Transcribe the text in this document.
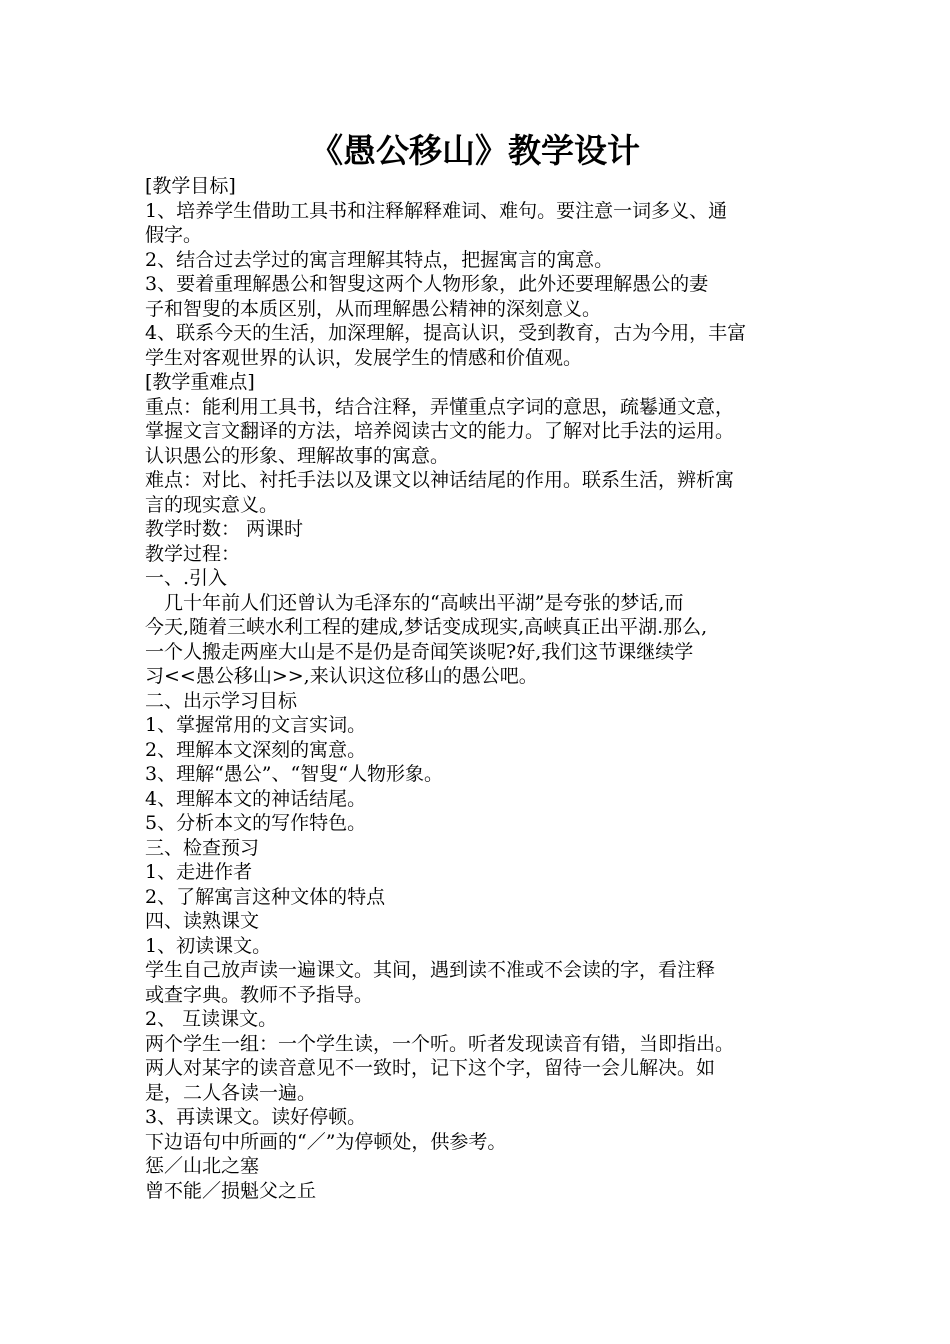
《愚公移山》教学设计
[教学目标]
1、培养学生借助工具书和注释解释难词、难句。要注意一词多义、通
假字。
2、结合过去学过的寓言理解其特点，把握寓言的寓意。
3、要着重理解愚公和智叟这两个人物形象，此外还要理解愚公的妻
子和智叟的本质区别，从而理解愚公精神的深刻意义。
4、联系今天的生活，加深理解，提高认识，受到教育，古为今用，丰富
学生对客观世界的认识，发展学生的情感和价值观。
[教学重难点]
重点：能利用工具书，结合注释，弄懂重点字词的意思，疏鬈通文意，
掌握文言文翻译的方法，培养阅读古文的能力。了解对比手法的运用。
认识愚公的形象、理解故事的寓意。
难点：对比、衬托手法以及课文以神话结尾的作用。联系生活，辨析寓
言的现实意义。
教学时数： 两课时
教学过程：
一、.引入
几十年前人们还曾认为毛泽东的“高峡出平湖”是夸张的梦话,而
今天,随着三峡水利工程的建成,梦话变成现实,高峡真正出平湖.那么,
一个人搬走两座大山是不是仍是奇闻笑谈呢?好,我们这节课继续学
习<<愚公移山>>,来认识这位移山的愚公吧。
二、出示学习目标
1、掌握常用的文言实词。
2、理解本文深刻的寓意。
3、理解“愚公”、“智叟“人物形象。
4、理解本文的神话结尾。
5、分析本文的写作特色。
三、检查预习
1、走进作者
2、了解寓言这种文体的特点
四、读熟课文
1、初读课文。
学生自己放声读一遍课文。其间，遇到读不准或不会读的字，看注释
或查字典。教师不予指导。
2、 互读课文。
两个学生一组：一个学生读，一个听。听者发现读音有错，当即指出。
两人对某字的读音意见不一致时，记下这个字，留待一会儿解决。如
是，二人各读一遍。
3、再读课文。读好停顿。
下边语句中所画的“／”为停顿处，供参考。
惩／山北之塞
曾不能／损魁父之丘
